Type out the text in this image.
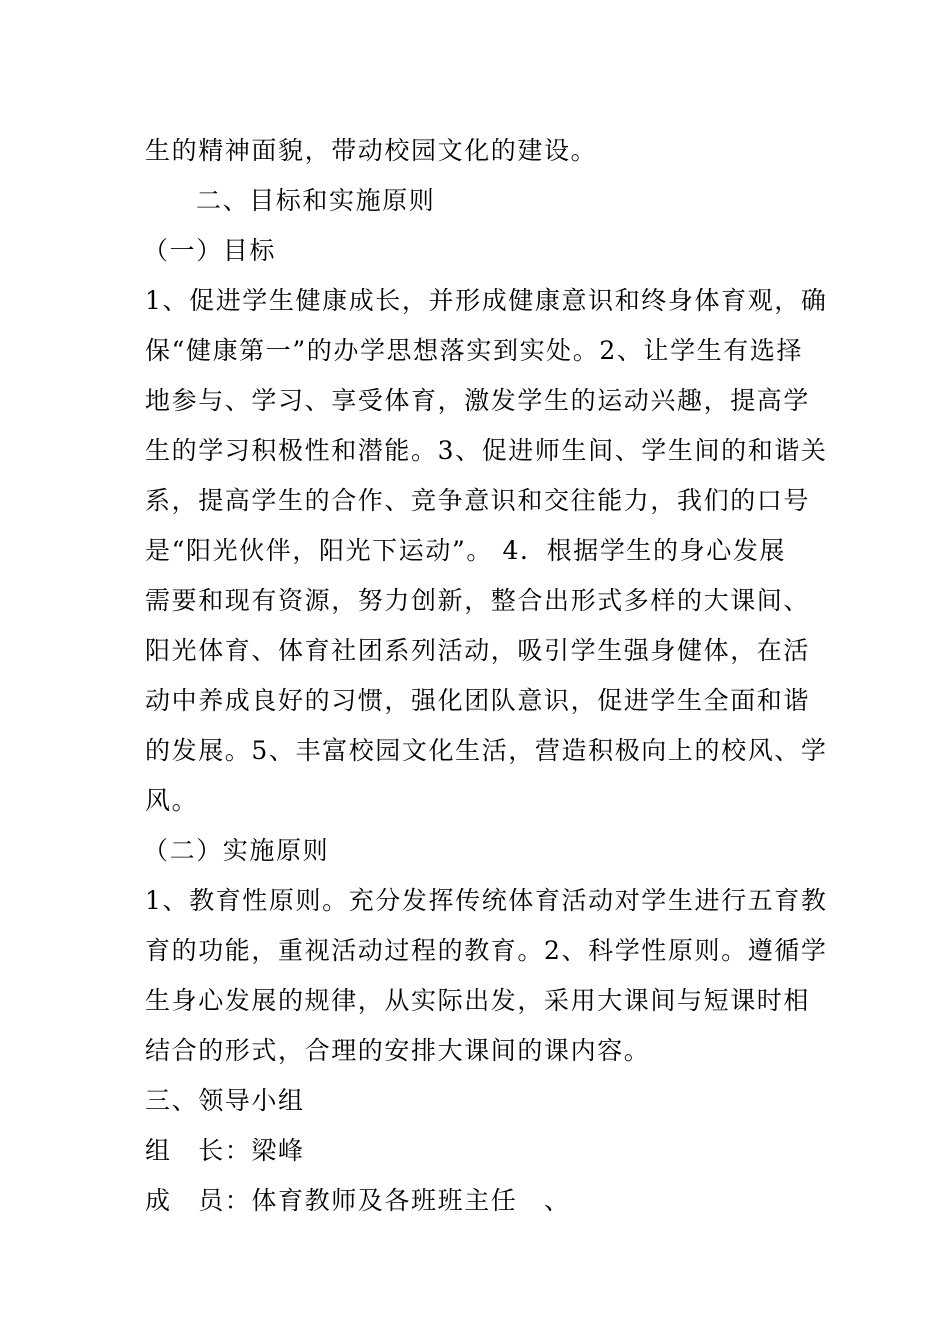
生的精神面貌，带动校园文化的建设。
二、目标和实施原则
（一）目标
1、促进学生健康成长，并形成健康意识和终身体育观，确
保“健康第一”的办学思想落实到实处。2、让学生有选择
地参与、学习、享受体育，激发学生的运动兴趣，提高学
生的学习积极性和潜能。3、促进师生间、学生间的和谐关
系，提高学生的合作、竞争意识和交往能力，我们的口号
是“阳光伙伴，阳光下运动”。 4．根据学生的身心发展
需要和现有资源，努力创新，整合出形式多样的大课间、
阳光体育、体育社团系列活动，吸引学生强身健体，在活
动中养成良好的习惯，强化团队意识，促进学生全面和谐
的发展。5、丰富校园文化生活，营造积极向上的校风、学
风。
（二）实施原则
1、教育性原则。充分发挥传统体育活动对学生进行五育教
育的功能，重视活动过程的教育。2、科学性原则。遵循学
生身心发展的规律，从实际出发，采用大课间与短课时相
结合的形式，合理的安排大课间的课内容。
三、领导小组
组　长：梁峰
成　员：体育教师及各班班主任　、
